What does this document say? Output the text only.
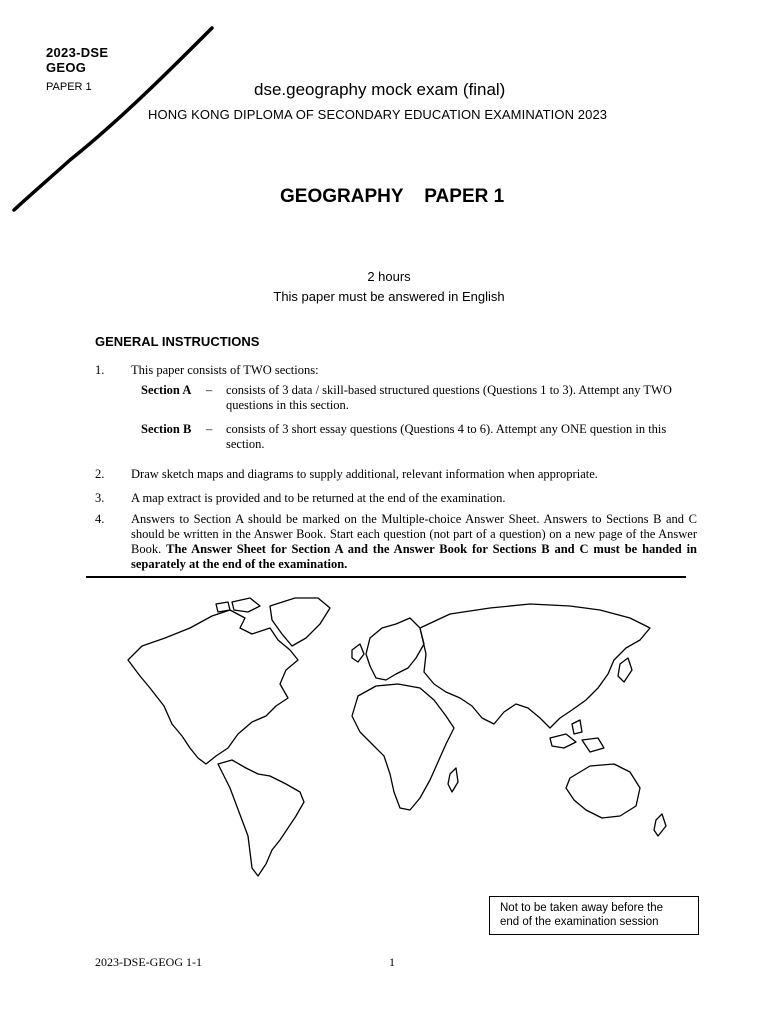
2023-DSE
GEOG
PAPER 1	dse.geography mock exam (final)
HONG KONG DIPLOMA OF SECONDARY EDUCATION EXAMINATION 2023
GEOGRAPHY    PAPER 1
2 hours
This paper must be answered in English
GENERAL INSTRUCTIONS
1. This paper consists of TWO sections:
Section A – consists of 3 data / skill-based structured questions (Questions 1 to 3). Attempt any TWO
questions in this section.
Section B – consists of 3 short essay questions (Questions 4 to 6). Attempt any ONE question in this
section.
2. Draw sketch maps and diagrams to supply additional, relevant information when appropriate.
3. A map extract is provided and to be returned at the end of the examination.
4. Answers to Section A should be marked on the Multiple-choice Answer Sheet. Answers to Sections B and C should be written in the Answer Book. Start each question (not part of a question) on a new page of the Answer Book. The Answer Sheet for Section A and the Answer Book for Sections B and C must be handed in separately at the end of the examination.
Not to be taken away before the
end of the examination session
2023-DSE-GEOG 1-1	1
